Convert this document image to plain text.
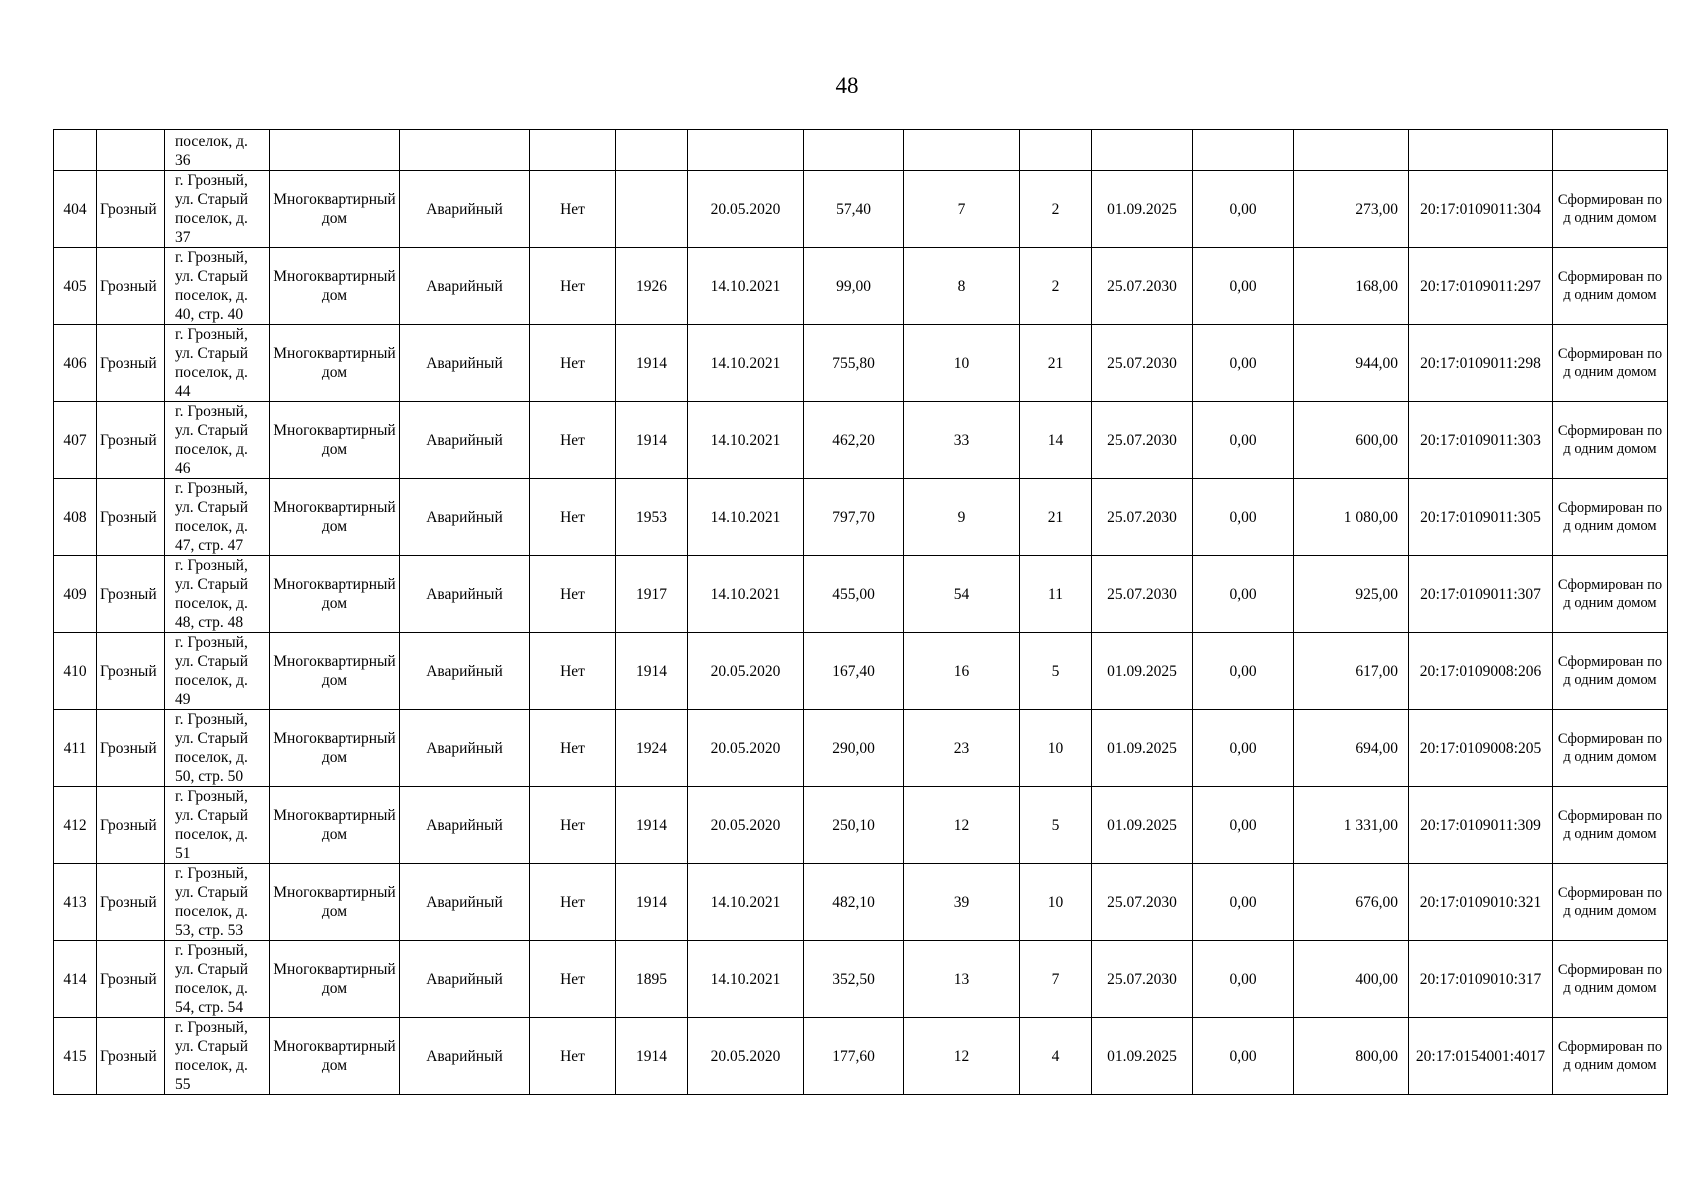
48
		поселок, д. 36													
404	Грозный	г. Грозный, ул. Старый поселок, д. 37	Многоквартирный дом	Аварийный	Нет		20.05.2020	57,40	7	2	01.09.2025	0,00	273,00	20:17:0109011:304	Сформирован под одним домом
405	Грозный	г. Грозный, ул. Старый поселок, д. 40, стр. 40	Многоквартирный дом	Аварийный	Нет	1926	14.10.2021	99,00	8	2	25.07.2030	0,00	168,00	20:17:0109011:297	Сформирован под одним домом
406	Грозный	г. Грозный, ул. Старый поселок, д. 44	Многоквартирный дом	Аварийный	Нет	1914	14.10.2021	755,80	10	21	25.07.2030	0,00	944,00	20:17:0109011:298	Сформирован под одним домом
407	Грозный	г. Грозный, ул. Старый поселок, д. 46	Многоквартирный дом	Аварийный	Нет	1914	14.10.2021	462,20	33	14	25.07.2030	0,00	600,00	20:17:0109011:303	Сформирован под одним домом
408	Грозный	г. Грозный, ул. Старый поселок, д. 47, стр. 47	Многоквартирный дом	Аварийный	Нет	1953	14.10.2021	797,70	9	21	25.07.2030	0,00	1 080,00	20:17:0109011:305	Сформирован под одним домом
409	Грозный	г. Грозный, ул. Старый поселок, д. 48, стр. 48	Многоквартирный дом	Аварийный	Нет	1917	14.10.2021	455,00	54	11	25.07.2030	0,00	925,00	20:17:0109011:307	Сформирован под одним домом
410	Грозный	г. Грозный, ул. Старый поселок, д. 49	Многоквартирный дом	Аварийный	Нет	1914	20.05.2020	167,40	16	5	01.09.2025	0,00	617,00	20:17:0109008:206	Сформирован под одним домом
411	Грозный	г. Грозный, ул. Старый поселок, д. 50, стр. 50	Многоквартирный дом	Аварийный	Нет	1924	20.05.2020	290,00	23	10	01.09.2025	0,00	694,00	20:17:0109008:205	Сформирован под одним домом
412	Грозный	г. Грозный, ул. Старый поселок, д. 51	Многоквартирный дом	Аварийный	Нет	1914	20.05.2020	250,10	12	5	01.09.2025	0,00	1 331,00	20:17:0109011:309	Сформирован под одним домом
413	Грозный	г. Грозный, ул. Старый поселок, д. 53, стр. 53	Многоквартирный дом	Аварийный	Нет	1914	14.10.2021	482,10	39	10	25.07.2030	0,00	676,00	20:17:0109010:321	Сформирован под одним домом
414	Грозный	г. Грозный, ул. Старый поселок, д. 54, стр. 54	Многоквартирный дом	Аварийный	Нет	1895	14.10.2021	352,50	13	7	25.07.2030	0,00	400,00	20:17:0109010:317	Сформирован под одним домом
415	Грозный	г. Грозный, ул. Старый поселок, д. 55	Многоквартирный дом	Аварийный	Нет	1914	20.05.2020	177,60	12	4	01.09.2025	0,00	800,00	20:17:0154001:4017	Сформирован под одним домом
